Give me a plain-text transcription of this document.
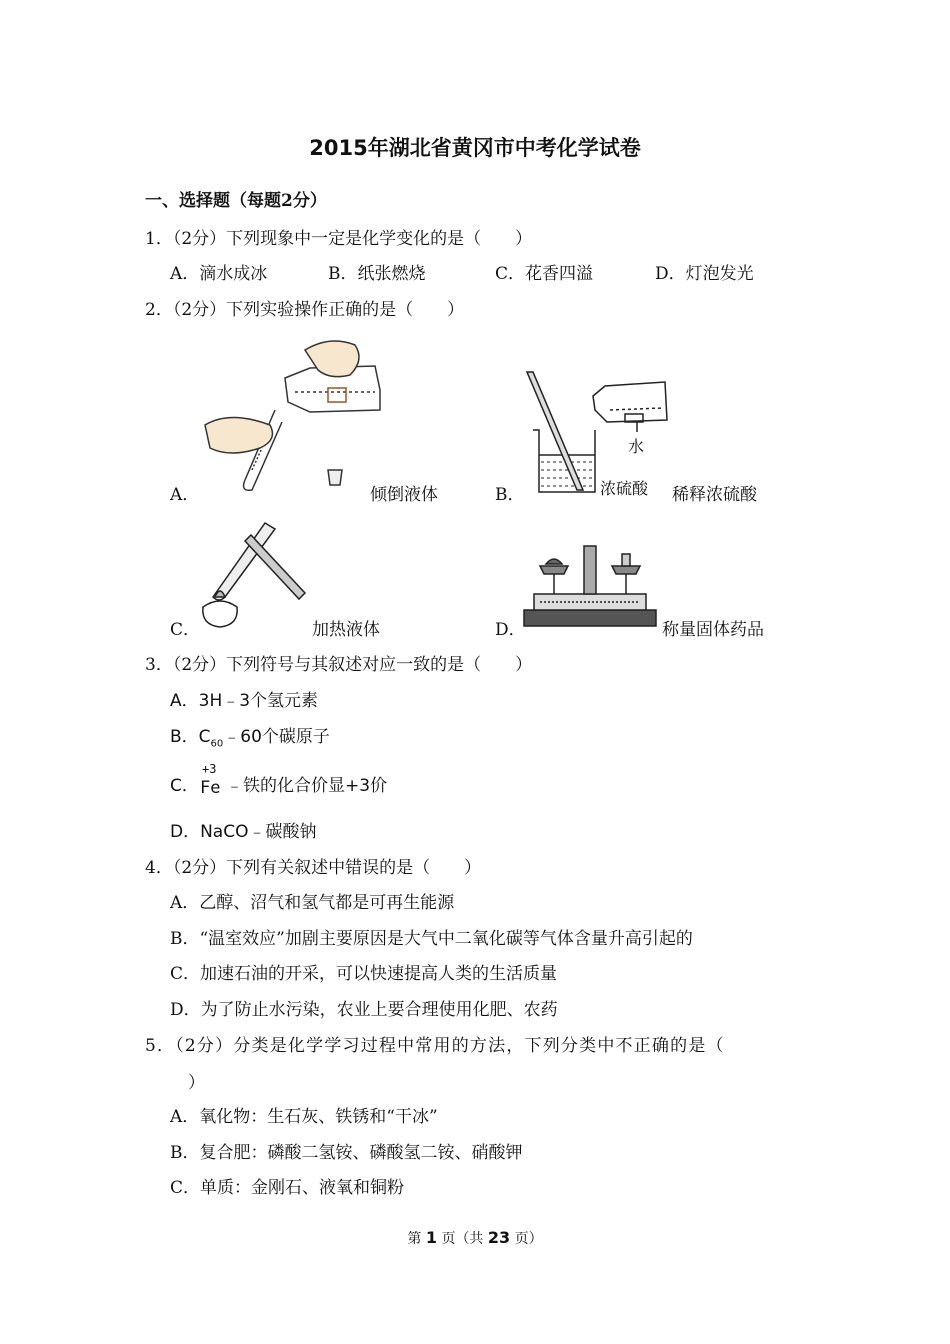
2015年湖北省黄冈市中考化学试卷
一、选择题（每题2分）
1．（2分）下列现象中一定是化学变化的是（　　）
A．滴水成冰	B．纸张燃烧	C．花香四溢	D．灯泡发光
2．（2分）下列实验操作正确的是（　　）
A．	倾倒液体
水
浓硫酸
B．	稀释浓硫酸
C．	加热液体	D．	称量固体药品
3．（2分）下列符号与其叙述对应一致的是（　　）
A．3H﹣3个氢元素
B．$C_{60}﹣60$个碳原子
C．
+3
Fe ﹣铁的化合价显+3价
D．NaCO﹣碳酸钠
4．（2分）下列有关叙述中错误的是（　　）
A．乙醇、沼气和氢气都是可再生能源
B．“温室效应”加剧主要原因是大气中二氧化碳等气体含量升高引起的
C．加速石油的开采，可以快速提高人类的生活质量
D．为了防止水污染，农业上要合理使用化肥、农药
5．（2分）分类是化学学习过程中常用的方法，下列分类中不正确的是（
）
A．氧化物：生石灰、铁锈和“干冰”
B．复合肥：磷酸二氢铵、磷酸氢二铵、硝酸钾
C．单质：金刚石、液氧和铜粉
第 1 页（共 23 页）
